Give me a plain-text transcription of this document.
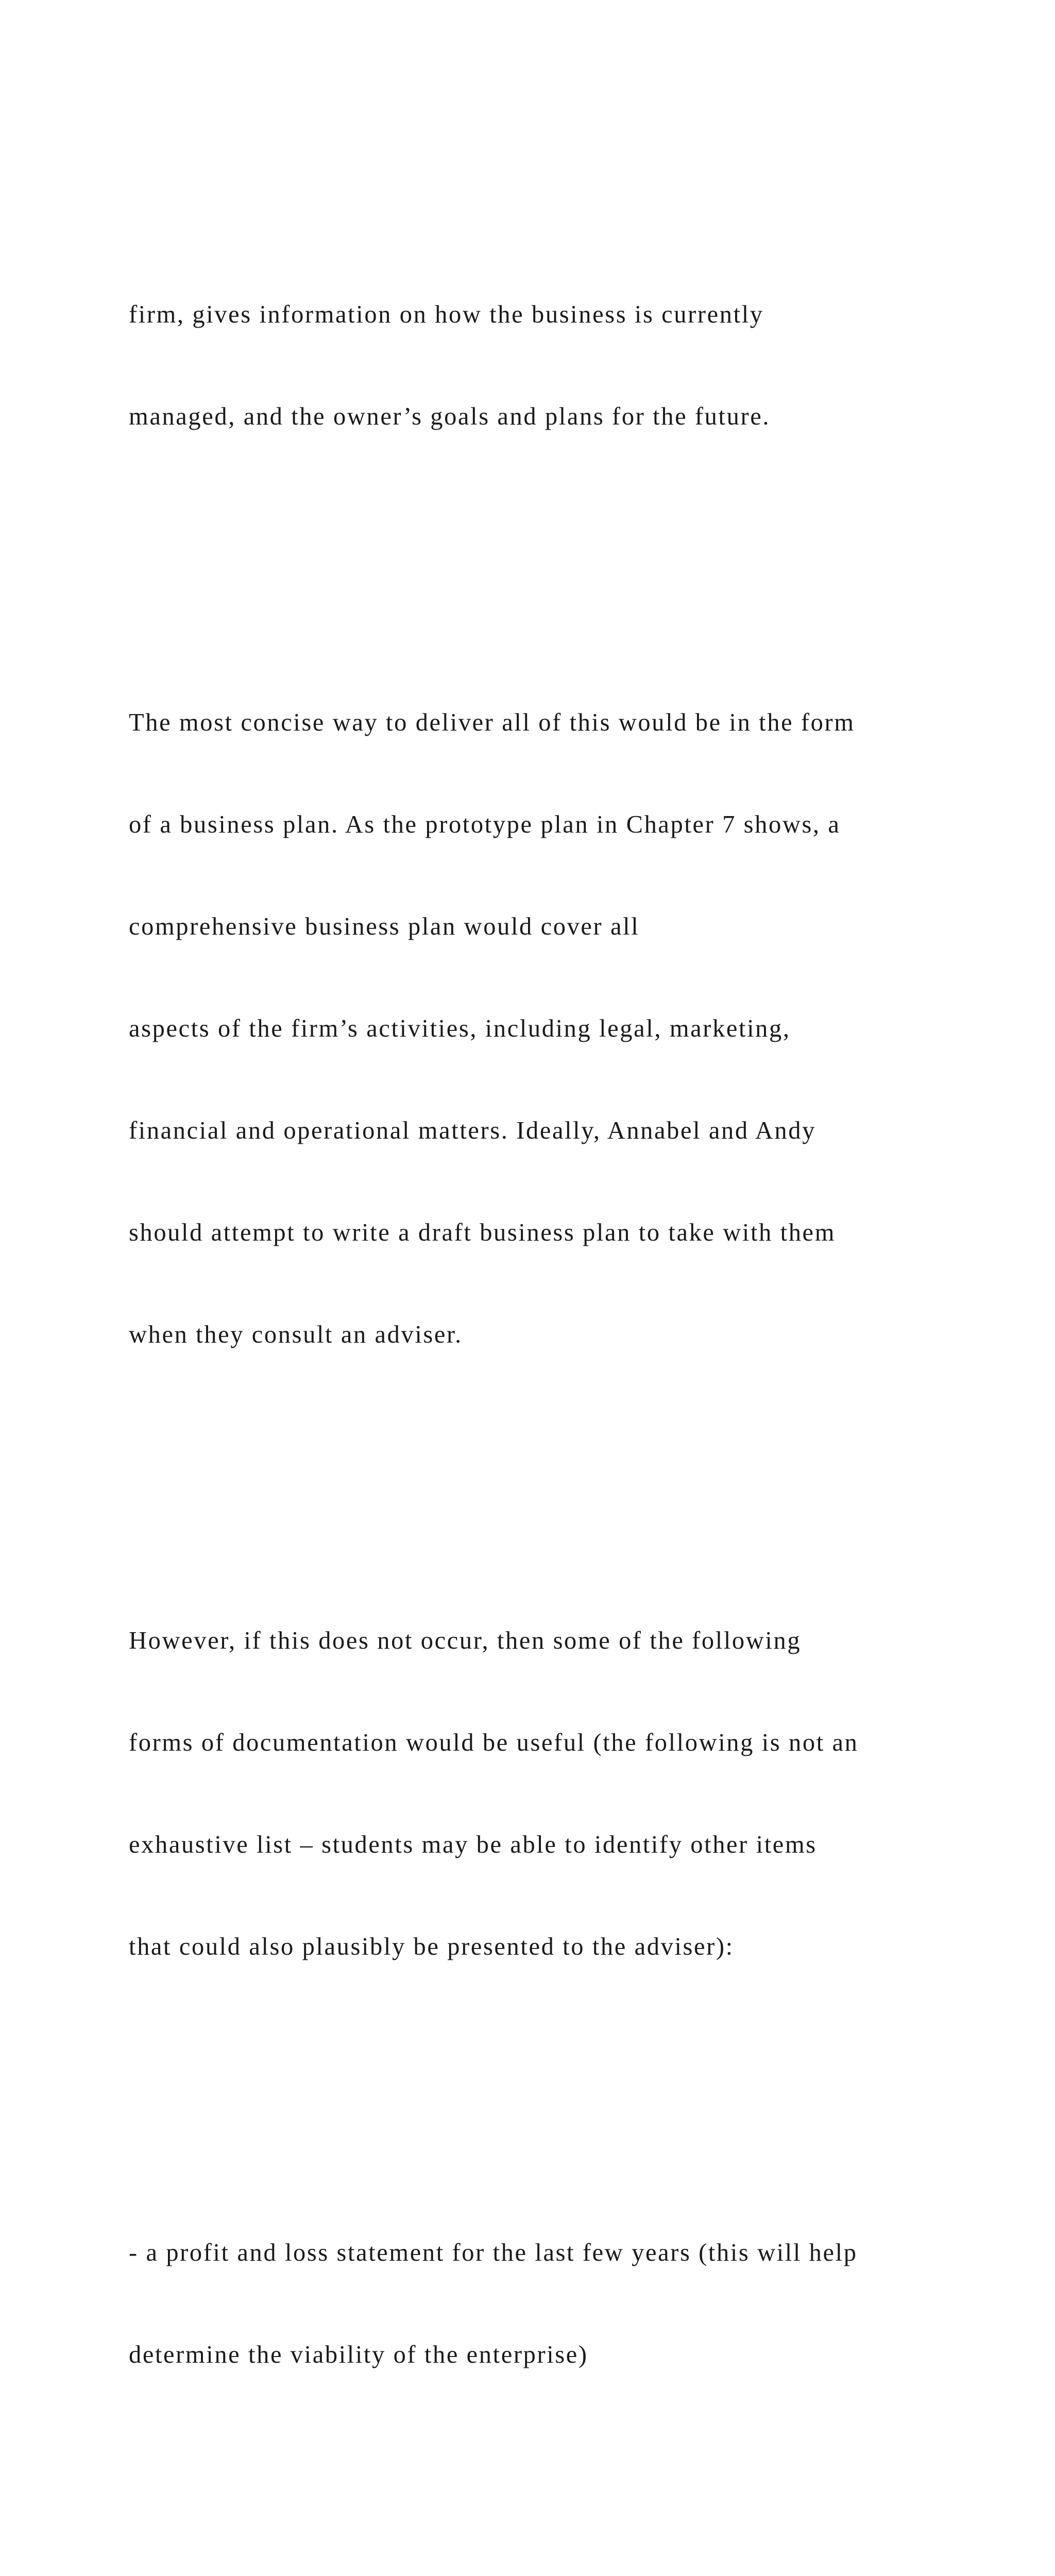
firm, gives information on how the business is currently

managed, and the owner’s goals and plans for the future.

The most concise way to deliver all of this would be in the form

of a business plan. As the prototype plan in Chapter 7 shows, a

comprehensive business plan would cover all

aspects of the firm’s activities, including legal, marketing,

financial and operational matters. Ideally, Annabel and Andy

should attempt to write a draft business plan to take with them

when they consult an adviser.

However, if this does not occur, then some of the following

forms of documentation would be useful (the following is not an

exhaustive list – students may be able to identify other items

that could also plausibly be presented to the adviser):

- a profit and loss statement for the last few years (this will help

determine the viability of the enterprise)
